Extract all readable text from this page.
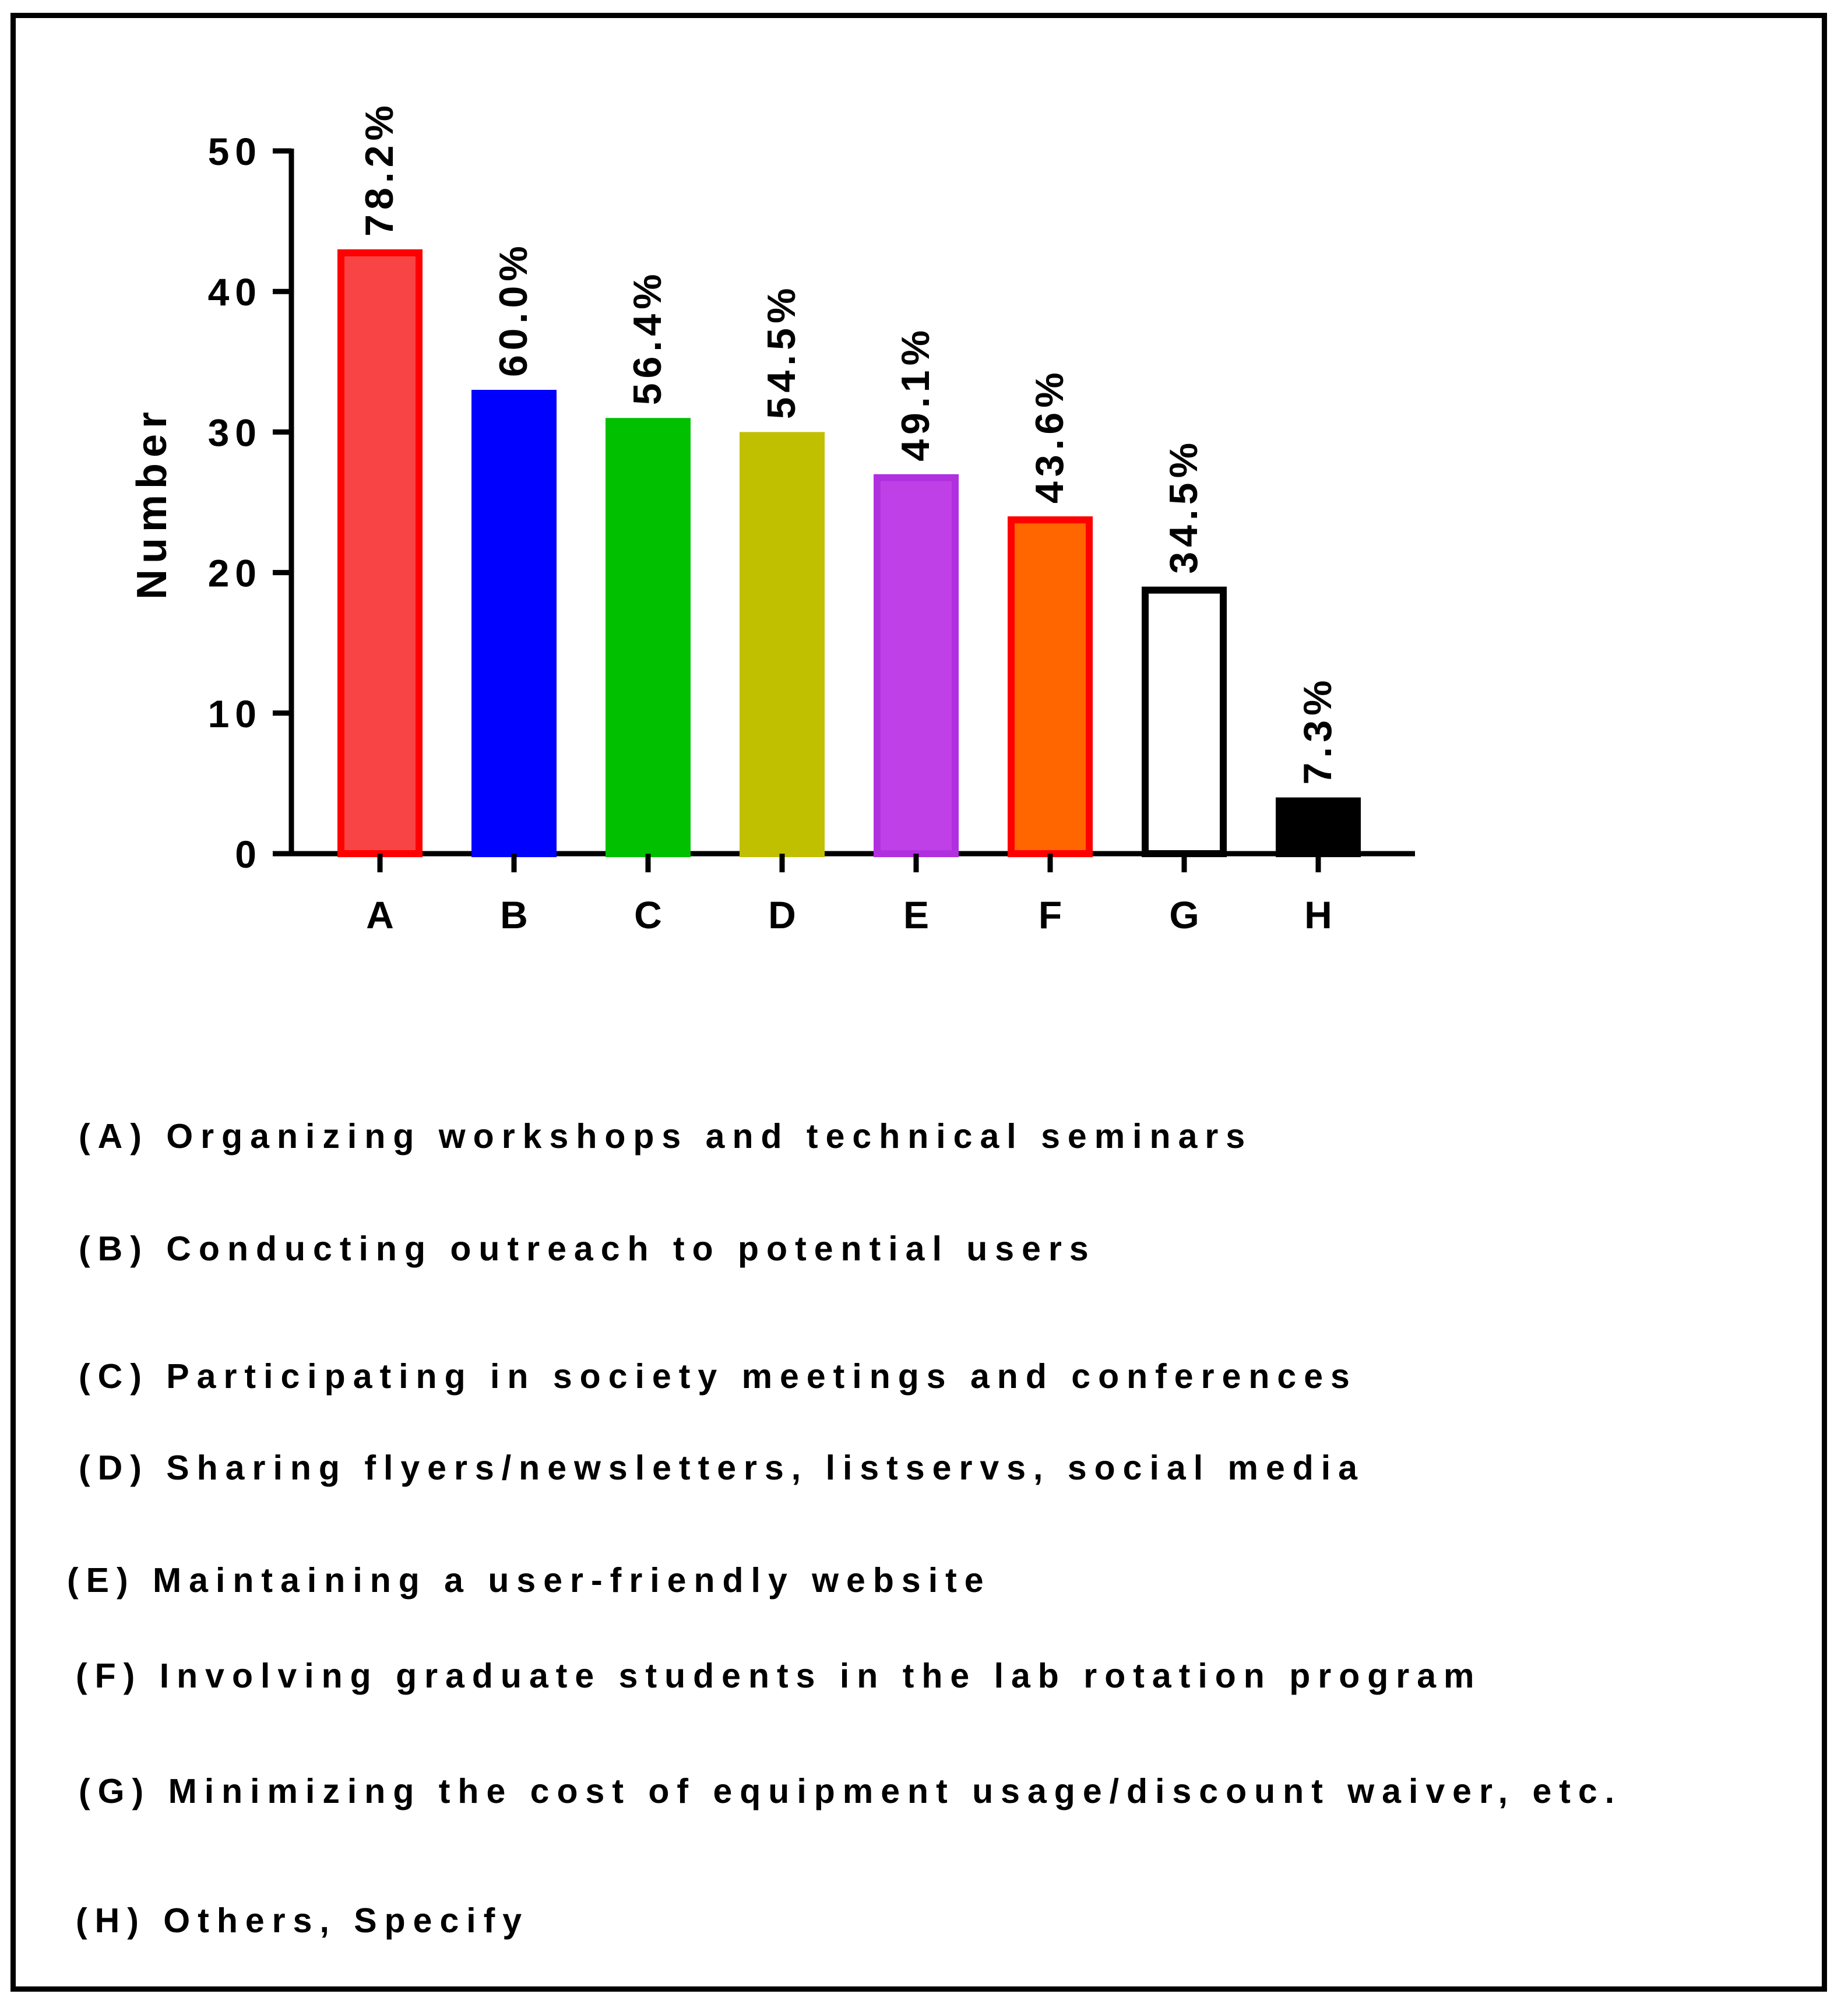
Number
0
10
20
30
40
50
A
78.2%
B
60.0%
C
56.4%
D
54.5%
E
49.1%
F
43.6%
G
34.5%
H
7.3%
(A) Organizing workshops and technical seminars
(B) Conducting outreach to potential users
(C) Participating in society meetings and conferences
(D) Sharing flyers/newsletters, listservs, social media
(E) Maintaining a user-friendly website
(F) Involving graduate students in the lab rotation program
(G) Minimizing the cost of equipment usage/discount waiver, etc.
(H) Others, Specify
